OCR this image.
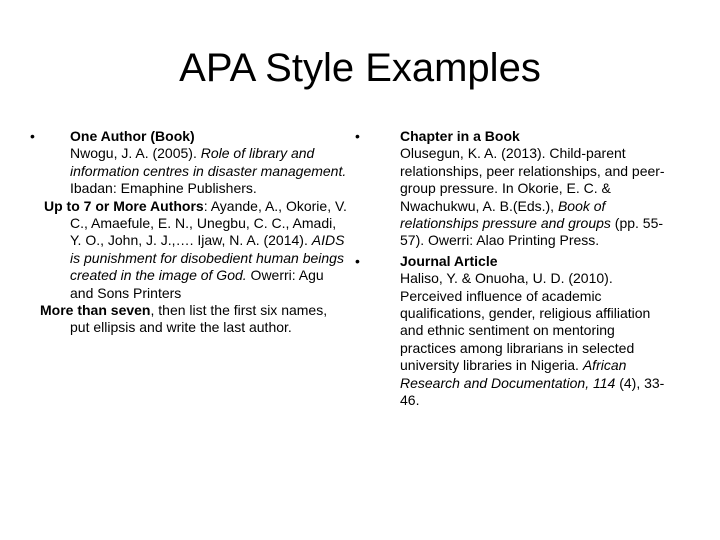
APA Style Examples
•	One Author (Book)
Nwogu, J. A. (2005). Role of library and information centres in disaster management. Ibadan: Emaphine Publishers.
Up to 7 or More Authors: Ayande, A., Okorie, V. C., Amaefule, E. N., Unegbu, C. C., Amadi, Y. O., John, J. J.,…. Ijaw, N. A. (2014). AIDS is punishment for disobedient human beings created in the image of God. Owerri: Agu and Sons Printers
More than seven, then list the first six names, put ellipsis and write the last author.
•	Chapter in a Book
Olusegun, K. A. (2013). Child-parent relationships, peer relationships, and peer-group pressure. In Okorie, E. C. & Nwachukwu, A. B.(Eds.), Book of relationships pressure and groups (pp. 55-57). Owerri: Alao Printing Press.
•	Journal Article
Haliso, Y. & Onuoha, U. D. (2010). Perceived influence of academic qualifications, gender, religious affiliation and ethnic sentiment on mentoring practices among librarians in selected university libraries in Nigeria. African Research and Documentation, 114 (4), 33-46.
